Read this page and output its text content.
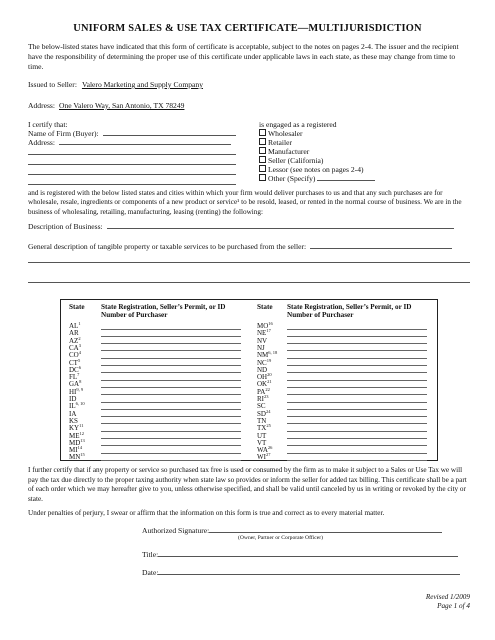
UNIFORM SALES & USE TAX CERTIFICATE—MULTIJURISDICTION
The below-listed states have indicated that this form of certificate is acceptable, subject to the notes on pages 2-4. The issuer and the recipient have the responsibility of determining the proper use of this certificate under applicable laws in each state, as these may change from time to time.
Issued to Seller: Valero Marketing and Supply Company
Address: One Valero Way, San Antonio, TX 78249
I certify that:
Name of Firm (Buyer):
Address:
is engaged as a registered
Wholesaler
Retailer
Manufacturer
Seller (California)
Lessor (see notes on pages 2-4)
Other (Specify)
and is registered with the below listed states and cities within which your firm would deliver purchases to us and that any such purchases are for wholesale, resale, ingredients or components of a new product or service¹ to be resold, leased, or rented in the normal course of business. We are in the business of wholesaling, retailing, manufacturing, leasing (renting) the following:
Description of Business:
General description of tangible property or taxable services to be purchased from the seller:
State State Registration, Seller’s Permit, or ID Number of Purchaser
State State Registration, Seller’s Permit, or ID Number of Purchaser
$AL^1$
AR
$AZ^2$
$CA^3$
$CO^4$
$CT^5$
$DC^6$
$FL^7$
$GA^8$
HI$^{9, 9}$
ID
IL$^{6, 10}$
IA
KS
KY$^{11}$
ME$^{12}$
MD$^{13}$
MI$^{14}$
MN$^{15}$
MO$^{16}$
NE$^{17}$
NV
NJ
NM$^{6, 18}$
NC$^{19}$
ND
OH$^{20}$
OK$^{21}$
PA$^{22}$
RI$^{23}$
SC
SD$^{24}$
TN
TX$^{25}$
UT
VT
WA$^{26}$
WI$^{27}$
I further certify that if any property or service so purchased tax free is used or consumed by the firm as to make it subject to a Sales or Use Tax we will pay the tax due directly to the proper taxing authority when state law so provides or inform the seller for added tax billing. This certificate shall be a part of each order which we may hereafter give to you, unless otherwise specified, and shall be valid until canceled by us in writing or revoked by the city or state.
Under penalties of perjury, I swear or affirm that the information on this form is true and correct as to every material matter.
Authorized Signature:
(Owner, Partner or Corporate Officer)
Title:
Date:
Revised 1/2009
Page 1 of 4
